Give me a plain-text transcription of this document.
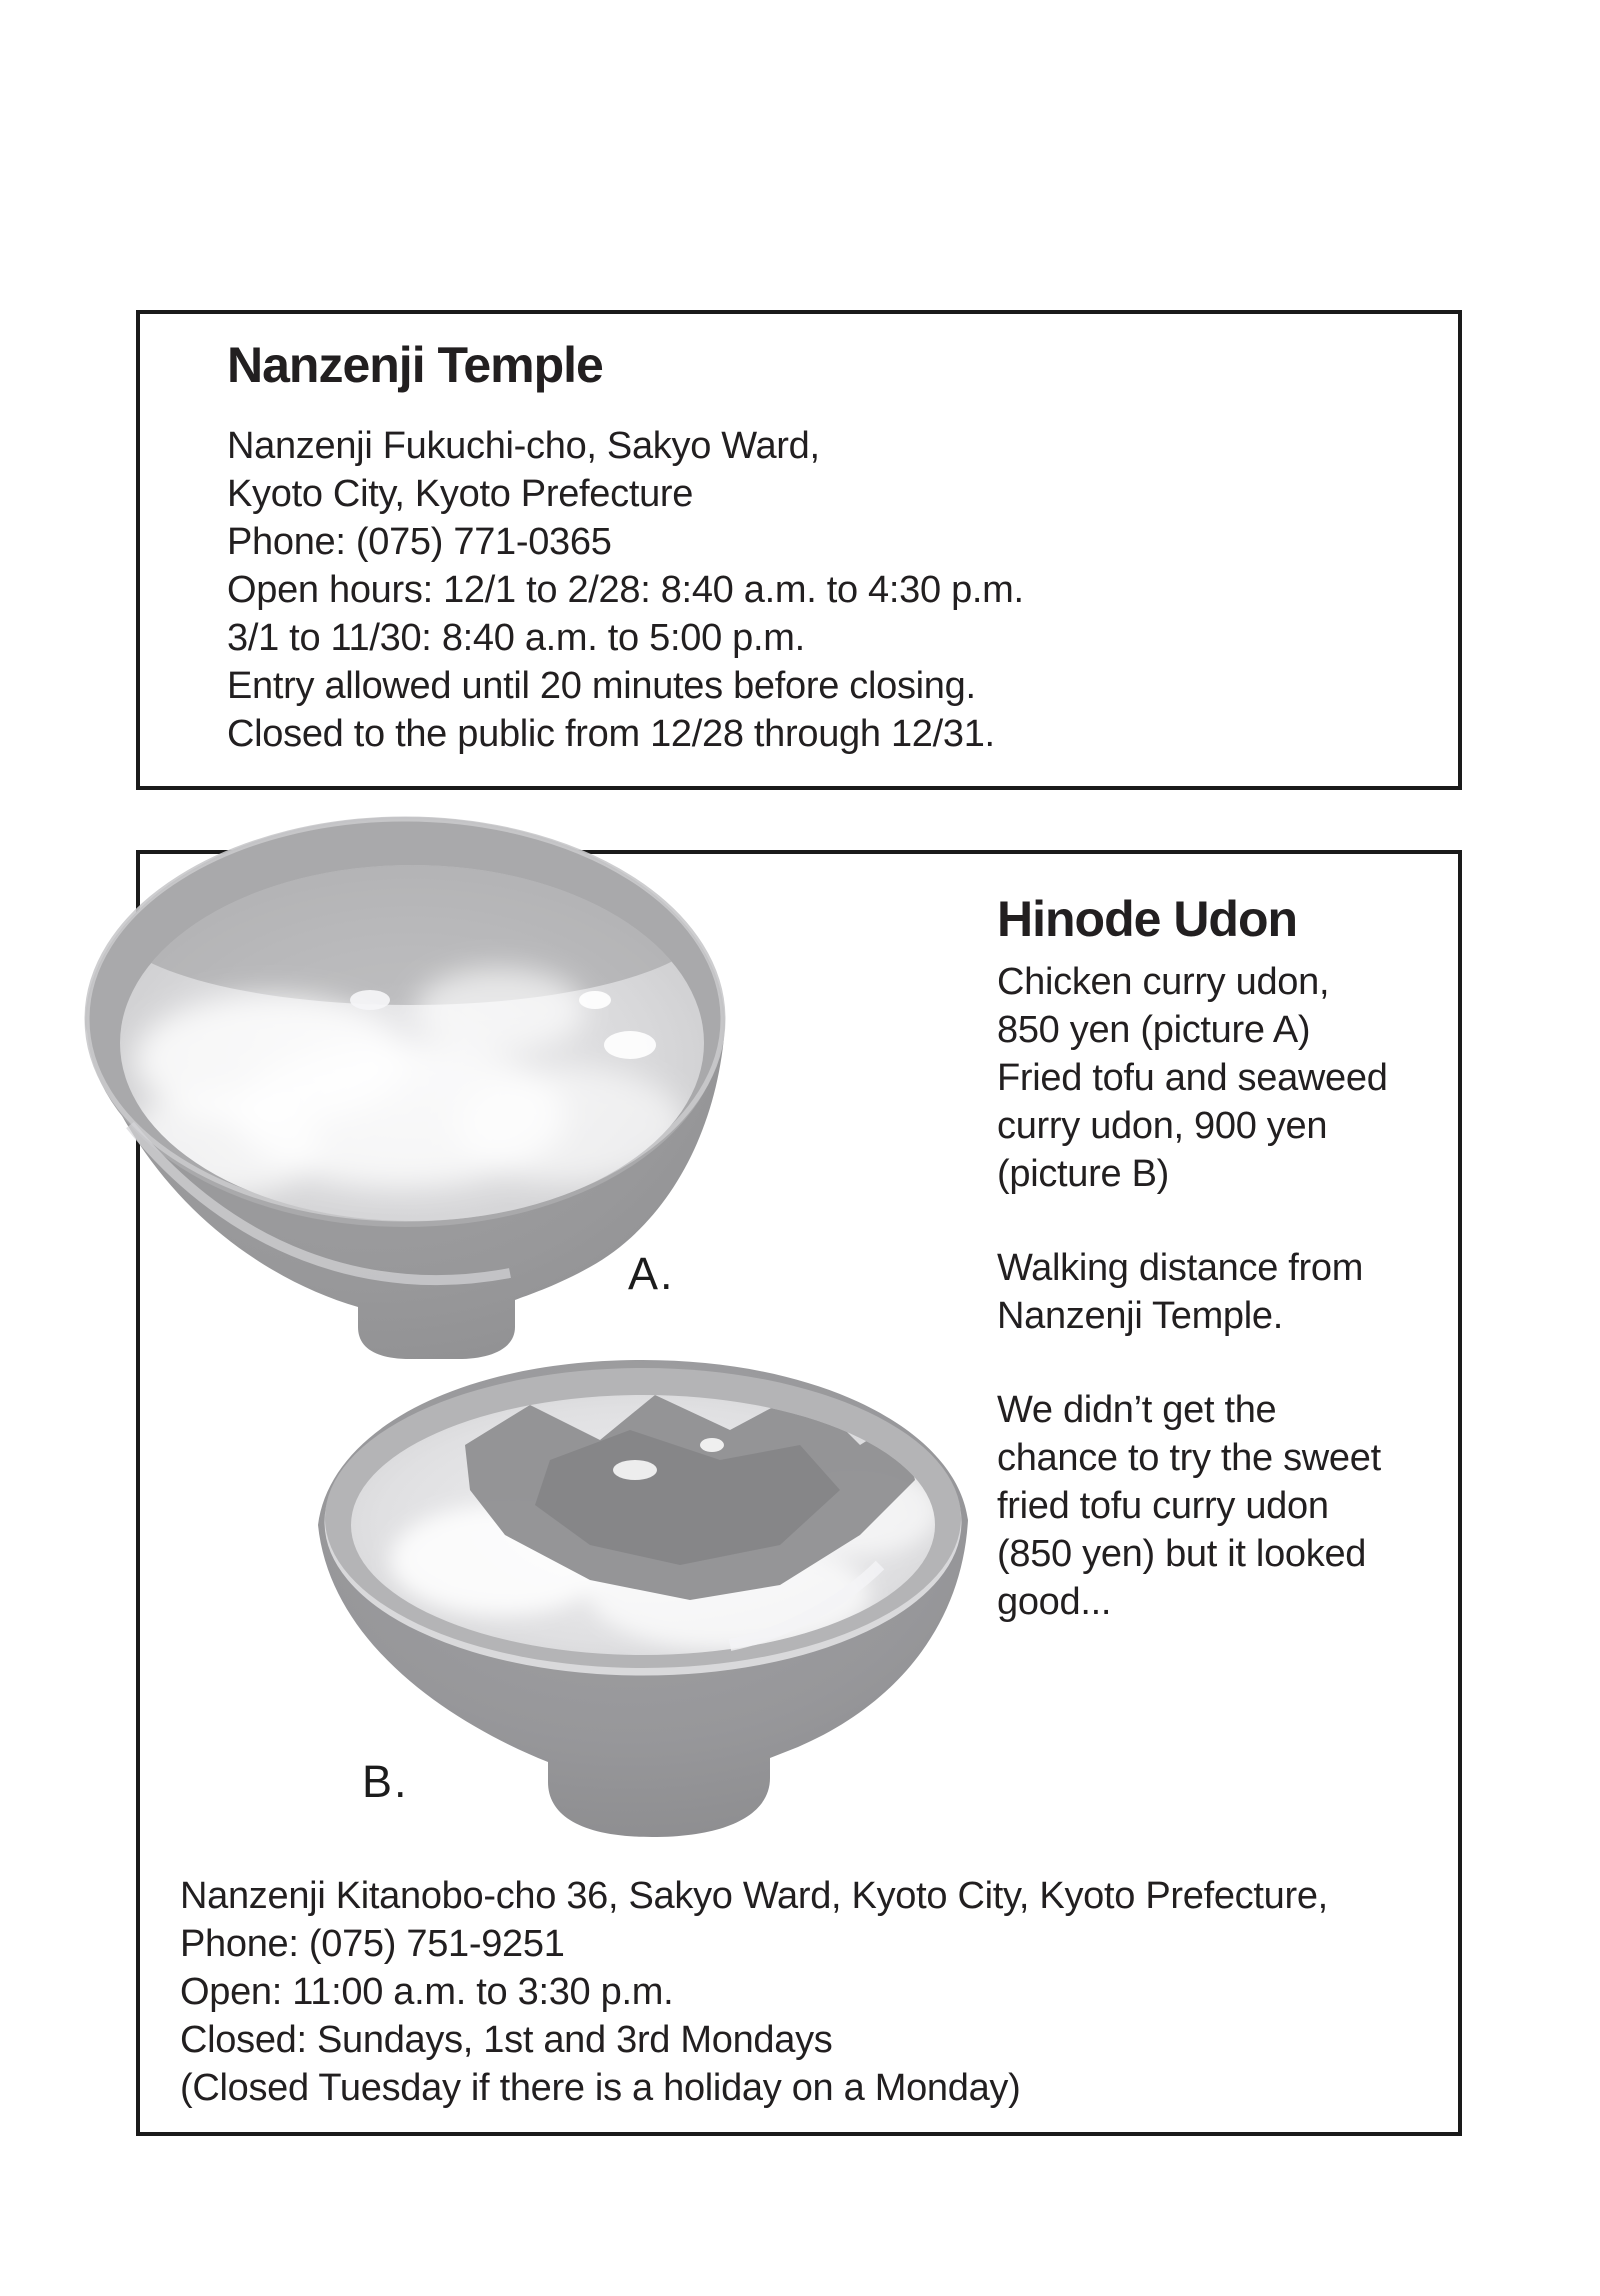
Nanzenji Temple
Nanzenji Fukuchi-cho, Sakyo Ward,
Kyoto City, Kyoto Prefecture
Phone: (075) 771-0365
Open hours: 12/1 to 2/28: 8:40 a.m. to 4:30 p.m.
3/1 to 11/30: 8:40 a.m. to 5:00 p.m.
Entry allowed until 20 minutes before closing.
Closed to the public from 12/28 through 12/31.
Hinode Udon
Chicken curry udon,
850 yen (picture A)
Fried tofu and seaweed
curry udon, 900 yen
(picture B)
Walking distance from
Nanzenji Temple.
We didn’t get the
chance to try the sweet
fried tofu curry udon
(850 yen) but it looked
good...
Nanzenji Kitanobo-cho 36, Sakyo Ward, Kyoto City, Kyoto Prefecture,
Phone: (075) 751-9251
Open: 11:00 a.m. to 3:30 p.m.
Closed: Sundays, 1st and 3rd Mondays
(Closed Tuesday if there is a holiday on a Monday)
A.
B.
